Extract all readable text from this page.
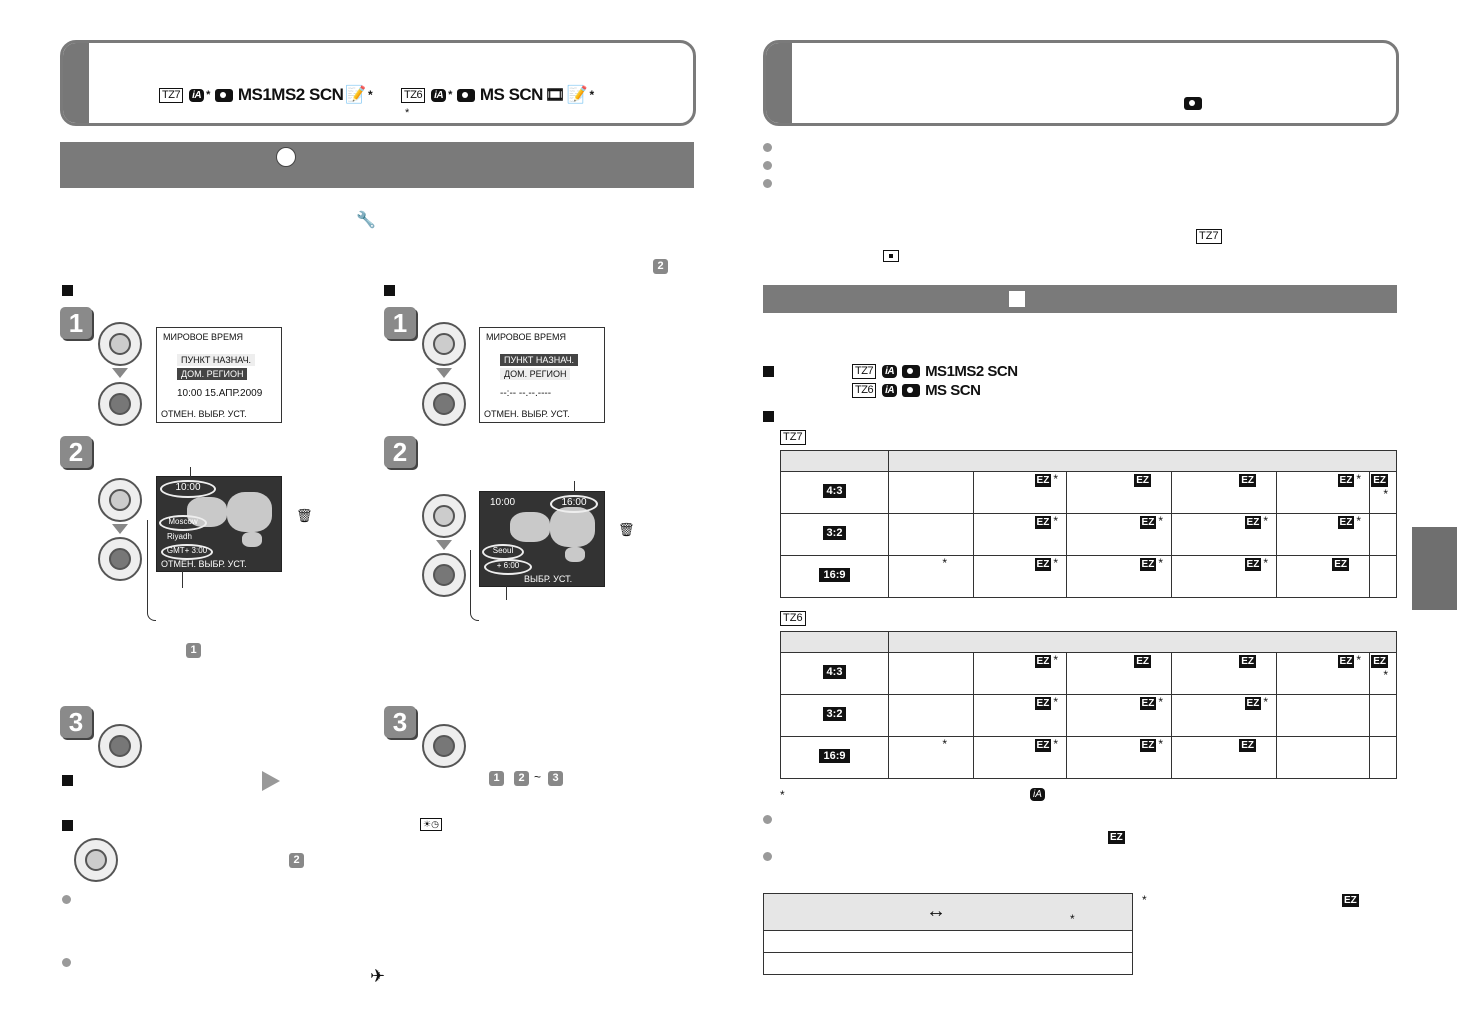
TZ7	iA * MS1MS2 SCN 📝 *	TZ6	iA * MS SCN 🎞 📝 *
*
🔧
2
1	МИРОВОЕ ВРЕМЯ
ПУНКТ НАЗНАЧ.
ДОМ. РЕГИОН
10:00 15.АПР.2009
ОТМЕН. ВЫБР. УСТ.
1	МИРОВОЕ ВРЕМЯ
ПУНКТ НАЗНАЧ.
ДОМ. РЕГИОН
--:-- --.--.----
ОТМЕН. ВЫБР. УСТ.
2
10:00
Moscow
Riyadh
GMT+ 3:00
ОТМЕН. ВЫБР. УСТ.
🗑
1
2
10:00	16:00
Seoul
+ 6:00
ВЫБР. УСТ.
🗑
3	3
1	2 ~	3
☀◷
2
✈
TZ7
TZ7	iA MS1MS2 SCN
TZ6	iA MS SCN
TZ7

4:3		EZ *	EZ	EZ	EZ *	EZ*
3:2		EZ *	EZ *	EZ *	EZ *	
16:9	*	EZ *	EZ *	EZ *	EZ	
TZ6

4:3		EZ *	EZ	EZ	EZ *	EZ*
3:2		EZ *	EZ *	EZ *		
16:9	*	EZ *	EZ *	EZ		
*	iA
EZ
↔	*
*	EZ
